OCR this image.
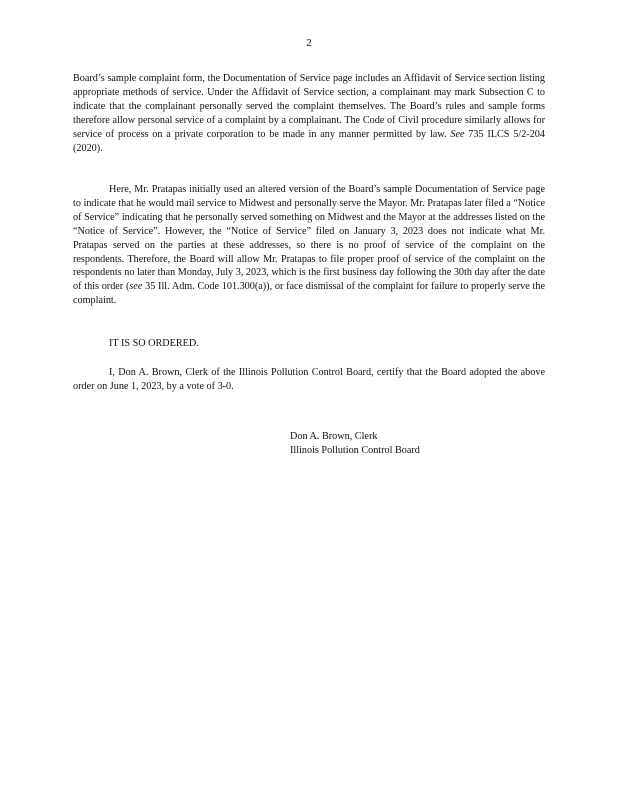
2

Board’s sample complaint form, the Documentation of Service page includes an Affidavit of Service section listing appropriate methods of service. Under the Affidavit of Service section, a complainant may mark Subsection C to indicate that the complainant personally served the complaint themselves. The Board’s rules and sample forms therefore allow personal service of a complaint by a complainant. The Code of Civil procedure similarly allows for service of process on a private corporation to be made in any manner permitted by law. See 735 ILCS 5/2-204 (2020).

Here, Mr. Pratapas initially used an altered version of the Board’s sample Documentation of Service page to indicate that he would mail service to Midwest and personally serve the Mayor. Mr. Pratapas later filed a “Notice of Service” indicating that he personally served something on Midwest and the Mayor at the addresses listed on the “Notice of Service”. However, the “Notice of Service” filed on January 3, 2023 does not indicate what Mr. Pratapas served on the parties at these addresses, so there is no proof of service of the complaint on the respondents. Therefore, the Board will allow Mr. Pratapas to file proper proof of service of the complaint on the respondents no later than Monday, July 3, 2023, which is the first business day following the 30th day after the date of this order (see 35 Ill. Adm. Code 101.300(a)), or face dismissal of the complaint for failure to properly serve the complaint.

IT IS SO ORDERED.

I, Don A. Brown, Clerk of the Illinois Pollution Control Board, certify that the Board adopted the above order on June 1, 2023, by a vote of 3-0.

Don A. Brown, Clerk
Illinois Pollution Control Board
